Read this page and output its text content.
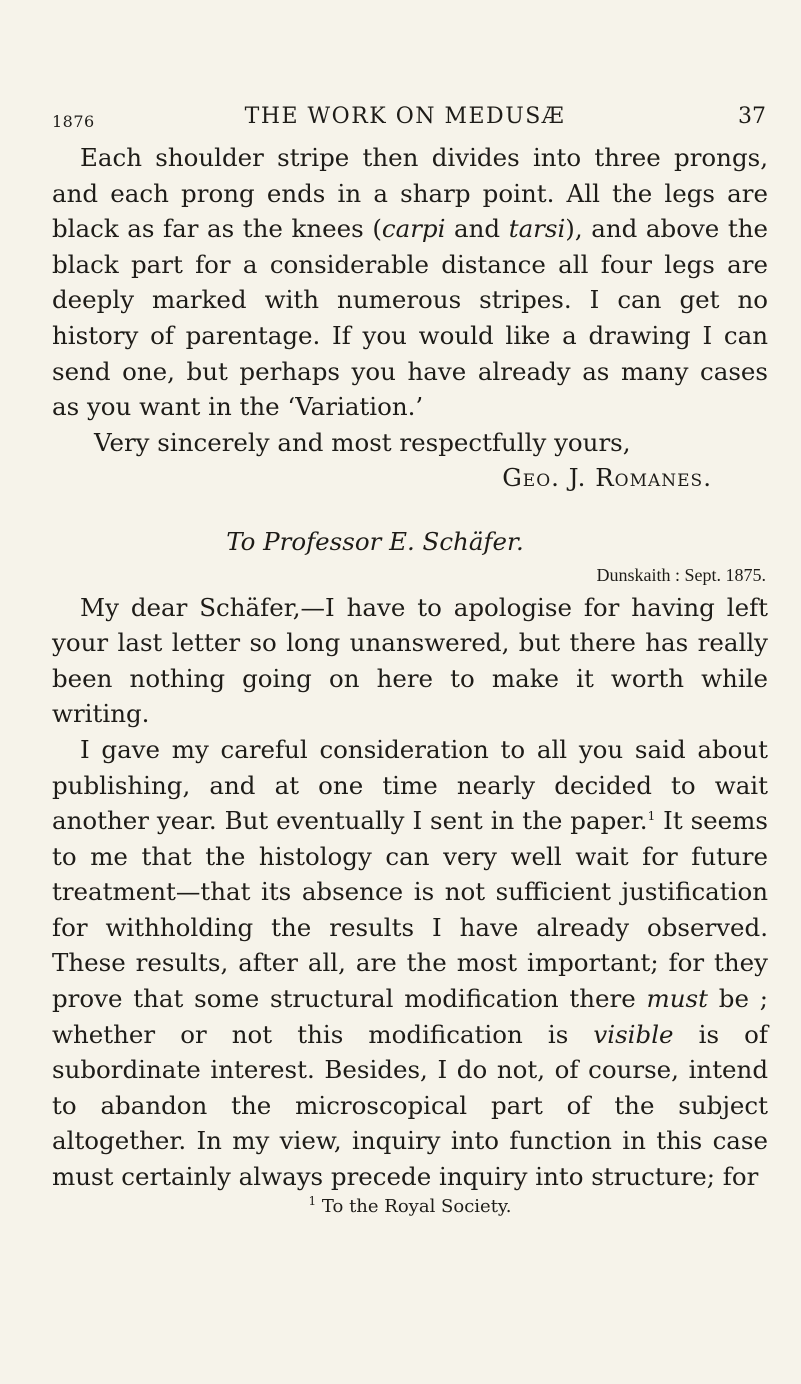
1876	THE WORK ON MEDUSÆ	37

Each shoulder stripe then divides into three prongs, and each prong ends in a sharp point. All the legs are black as far as the knees (carpi and tarsi), and above the black part for a considerable distance all four legs are deeply marked with numerous stripes. I can get no history of parentage. If you would like a drawing I can send one, but perhaps you have already as many cases as you want in the ‘Variation.’

Very sincerely and most respectfully yours,

Geo. J. Romanes.

To Professor E. Schäfer.

Dunskaith : Sept. 1875.

My dear Schäfer,—I have to apologise for having left your last letter so long unanswered, but there has really been nothing going on here to make it worth while writing.

I gave my careful consideration to all you said about publishing, and at one time nearly decided to wait another year. But eventually I sent in the paper.$^1$ It seems to me that the histology can very well wait for future treatment—that its absence is not sufficient justification for withholding the results I have already observed. These results, after all, are the most important; for they prove that some structural modification there must be ; whether or not this modification is visible is of subordinate interest. Besides, I do not, of course, intend to abandon the microscopical part of the subject altogether. In my view, inquiry into function in this case must certainly always precede inquiry into structure; for

$^1$ To the Royal Society.
